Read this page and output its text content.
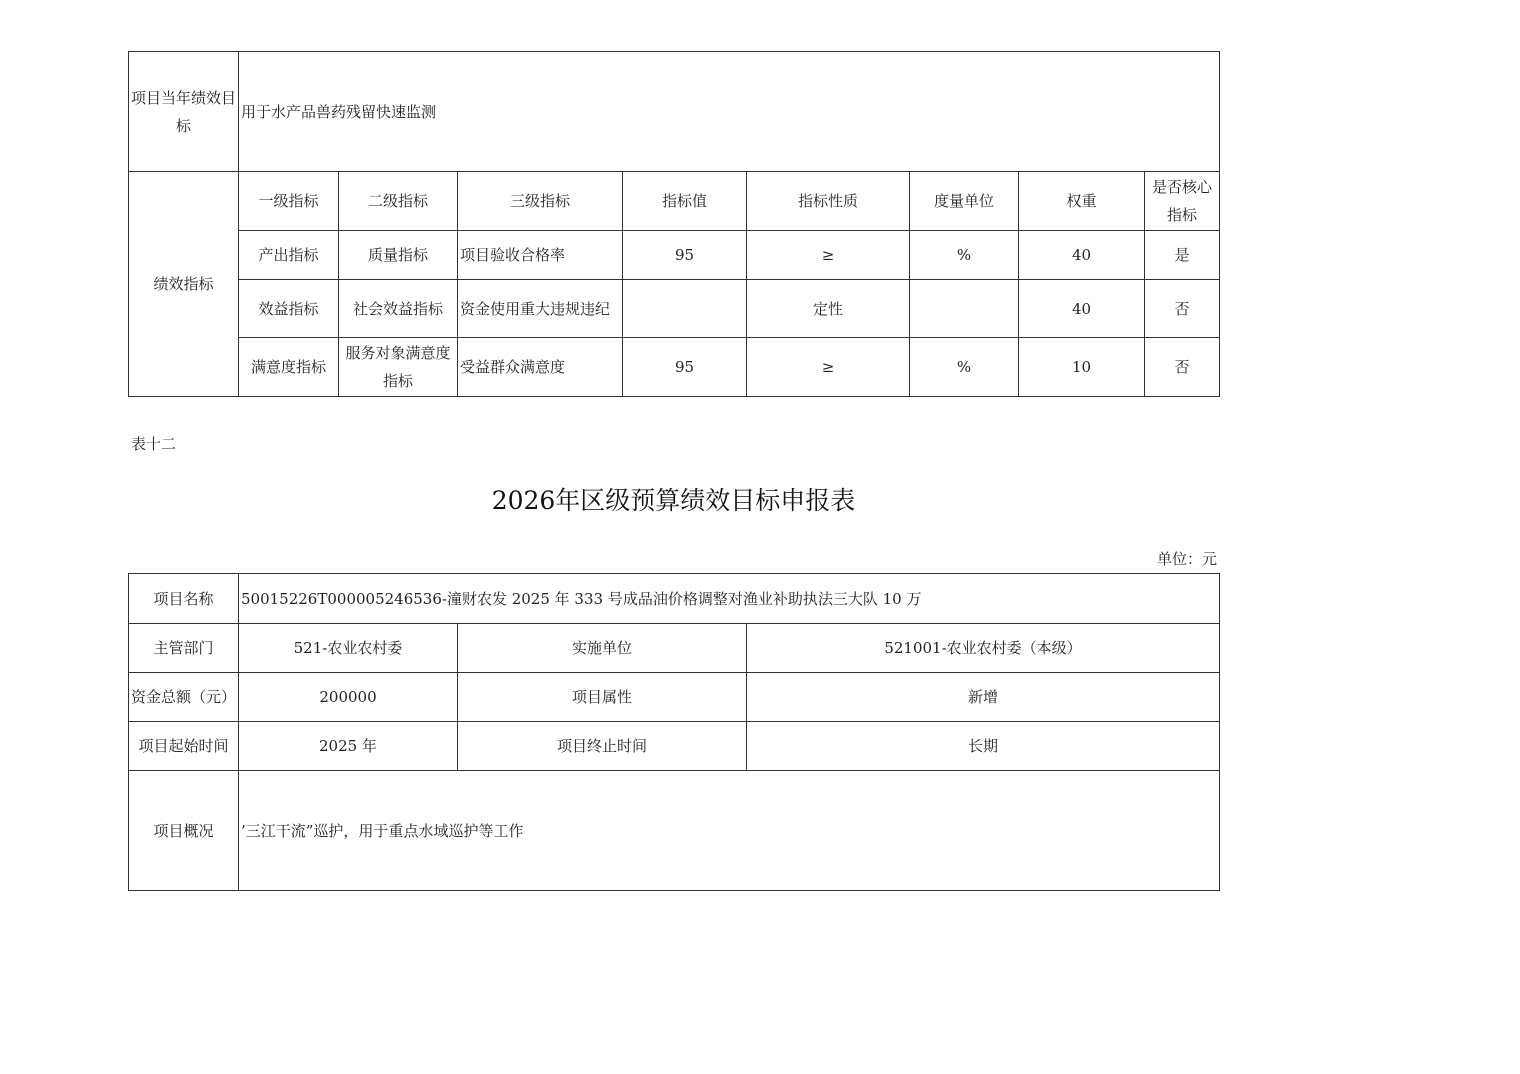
项目当年绩效目标	用于水产品兽药残留快速监测							
绩效指标	一级指标	二级指标	三级指标	指标值	指标性质	度量单位	权重	是否核心指标
	产出指标	质量指标	项目验收合格率	95	≥	%	40	是
	效益指标	社会效益指标	资金使用重大违规违纪		定性		40	否
	满意度指标	服务对象满意度指标	受益群众满意度	95	≥	%	10	否
表十二
2026年区级预算绩效目标申报表
单位：元
项目名称	50015226T000005246536-潼财农发 2025 年 333 号成品油价格调整对渔业补助执法三大队 10 万		
主管部门	521-农业农村委	实施单位	521001-农业农村委（本级）
资金总额（元）	200000	项目属性	新增
项目起始时间	2025 年	项目终止时间	长期
项目概况	’三江干流”巡护，用于重点水域巡护等工作		
